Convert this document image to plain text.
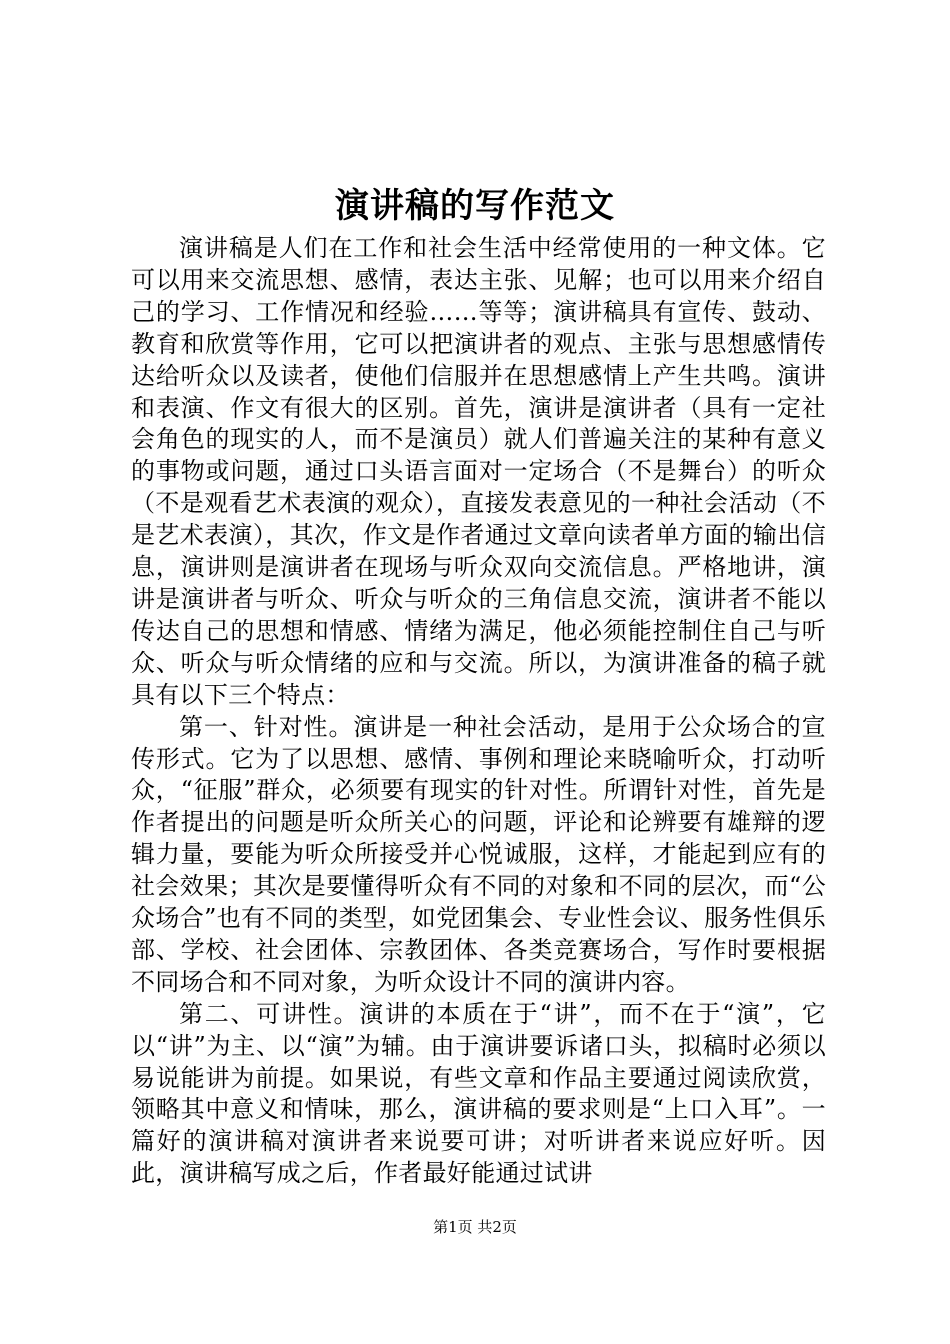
演讲稿的写作范文

演讲稿是人们在工作和社会生活中经常使用的一种文体。它可以用来交流思想、感情，表达主张、见解；也可以用来介绍自己的学习、工作情况和经验……等等；演讲稿具有宣传、鼓动、教育和欣赏等作用，它可以把演讲者的观点、主张与思想感情传达给听众以及读者，使他们信服并在思想感情上产生共鸣。演讲和表演、作文有很大的区别。首先，演讲是演讲者（具有一定社会角色的现实的人，而不是演员）就人们普遍关注的某种有意义的事物或问题，通过口头语言面对一定场合（不是舞台）的听众（不是观看艺术表演的观众），直接发表意见的一种社会活动（不是艺术表演），其次，作文是作者通过文章向读者单方面的输出信息，演讲则是演讲者在现场与听众双向交流信息。严格地讲，演讲是演讲者与听众、听众与听众的三角信息交流，演讲者不能以传达自己的思想和情感、情绪为满足，他必须能控制住自己与听众、听众与听众情绪的应和与交流。所以，为演讲准备的稿子就具有以下三个特点：

第一、针对性。演讲是一种社会活动，是用于公众场合的宣传形式。它为了以思想、感情、事例和理论来晓喻听众，打动听众，“征服”群众，必须要有现实的针对性。所谓针对性，首先是作者提出的问题是听众所关心的问题，评论和论辨要有雄辩的逻辑力量，要能为听众所接受并心悦诚服，这样，才能起到应有的社会效果；其次是要懂得听众有不同的对象和不同的层次，而“公众场合”也有不同的类型，如党团集会、专业性会议、服务性俱乐部、学校、社会团体、宗教团体、各类竞赛场合，写作时要根据不同场合和不同对象，为听众设计不同的演讲内容。

第二、可讲性。演讲的本质在于“讲”，而不在于“演”，它以“讲”为主、以“演”为辅。由于演讲要诉诸口头，拟稿时必须以易说能讲为前提。如果说，有些文章和作品主要通过阅读欣赏，领略其中意义和情味，那么，演讲稿的要求则是“上口入耳”。一篇好的演讲稿对演讲者来说要可讲；对听讲者来说应好听。因此，演讲稿写成之后，作者最好能通过试讲

第1页 共2页
